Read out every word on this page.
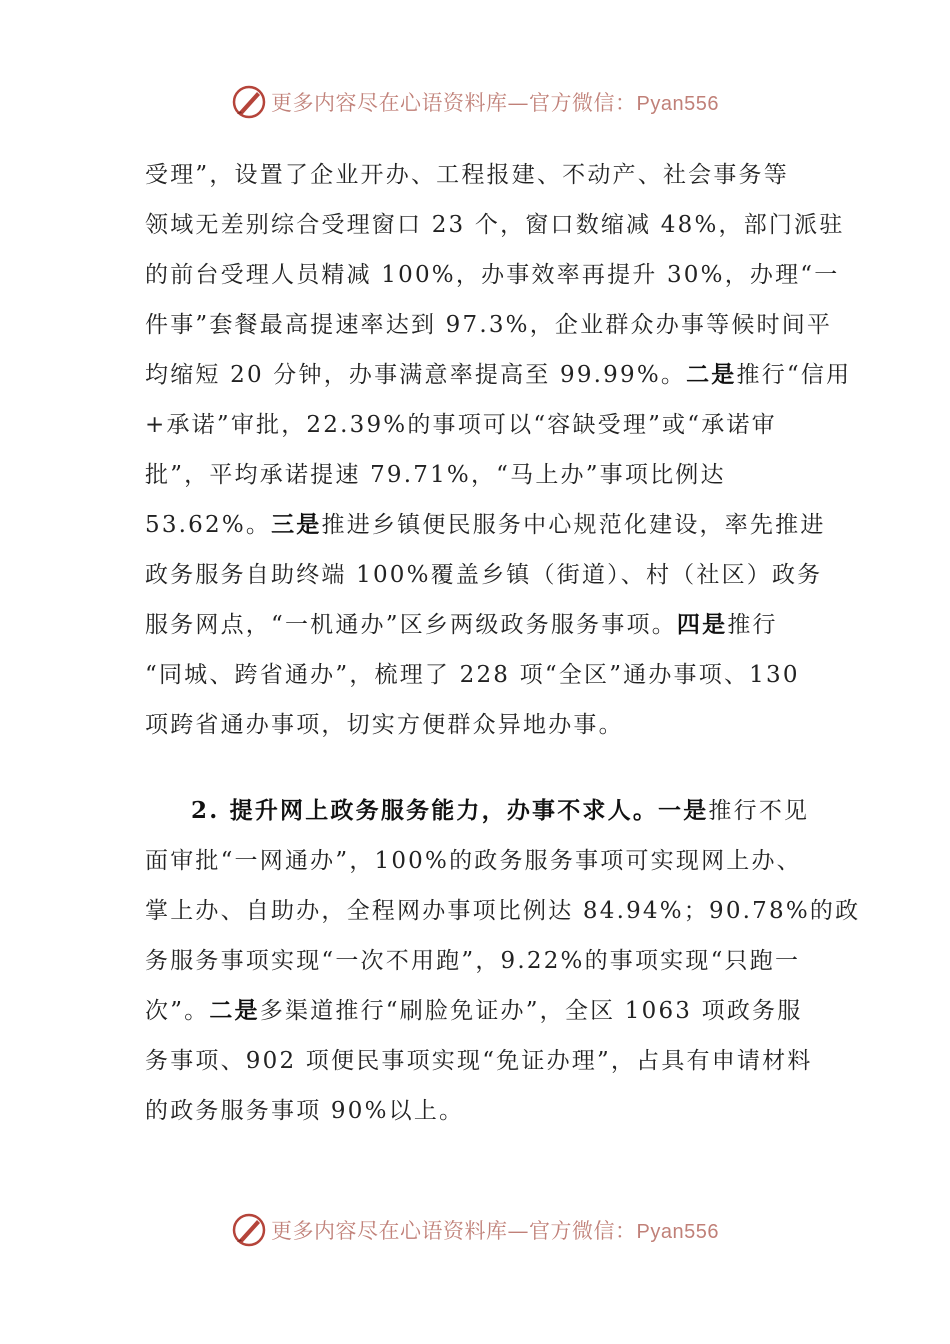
更多内容尽在心语资料库—官方微信：Pyan556
受理”，设置了企业开办、工程报建、不动产、社会事务等
领域无差别综合受理窗口 23 个，窗口数缩减 48%，部门派驻
的前台受理人员精减 100%，办事效率再提升 30%，办理“一
件事”套餐最高提速率达到 97.3%，企业群众办事等候时间平
均缩短 20 分钟，办事满意率提高至 99.99%。二是推行“信用
+承诺”审批，22.39%的事项可以“容缺受理”或“承诺审
批”，平均承诺提速 79.71%，“马上办”事项比例达
53.62%。三是推进乡镇便民服务中心规范化建设，率先推进
政务服务自助终端 100%覆盖乡镇（街道）、村（社区）政务
服务网点，“一机通办”区乡两级政务服务事项。四是推行
“同城、跨省通办”，梳理了 228 项“全区”通办事项、130
项跨省通办事项，切实方便群众异地办事。
2. 提升网上政务服务能力，办事不求人。一是推行不见
面审批“一网通办”，100%的政务服务事项可实现网上办、
掌上办、自助办，全程网办事项比例达 84.94%；90.78%的政
务服务事项实现“一次不用跑”，9.22%的事项实现“只跑一
次”。二是多渠道推行“刷脸免证办”，全区 1063 项政务服
务事项、902 项便民事项实现“免证办理”，占具有申请材料
的政务服务事项 90%以上。
更多内容尽在心语资料库—官方微信：Pyan556
